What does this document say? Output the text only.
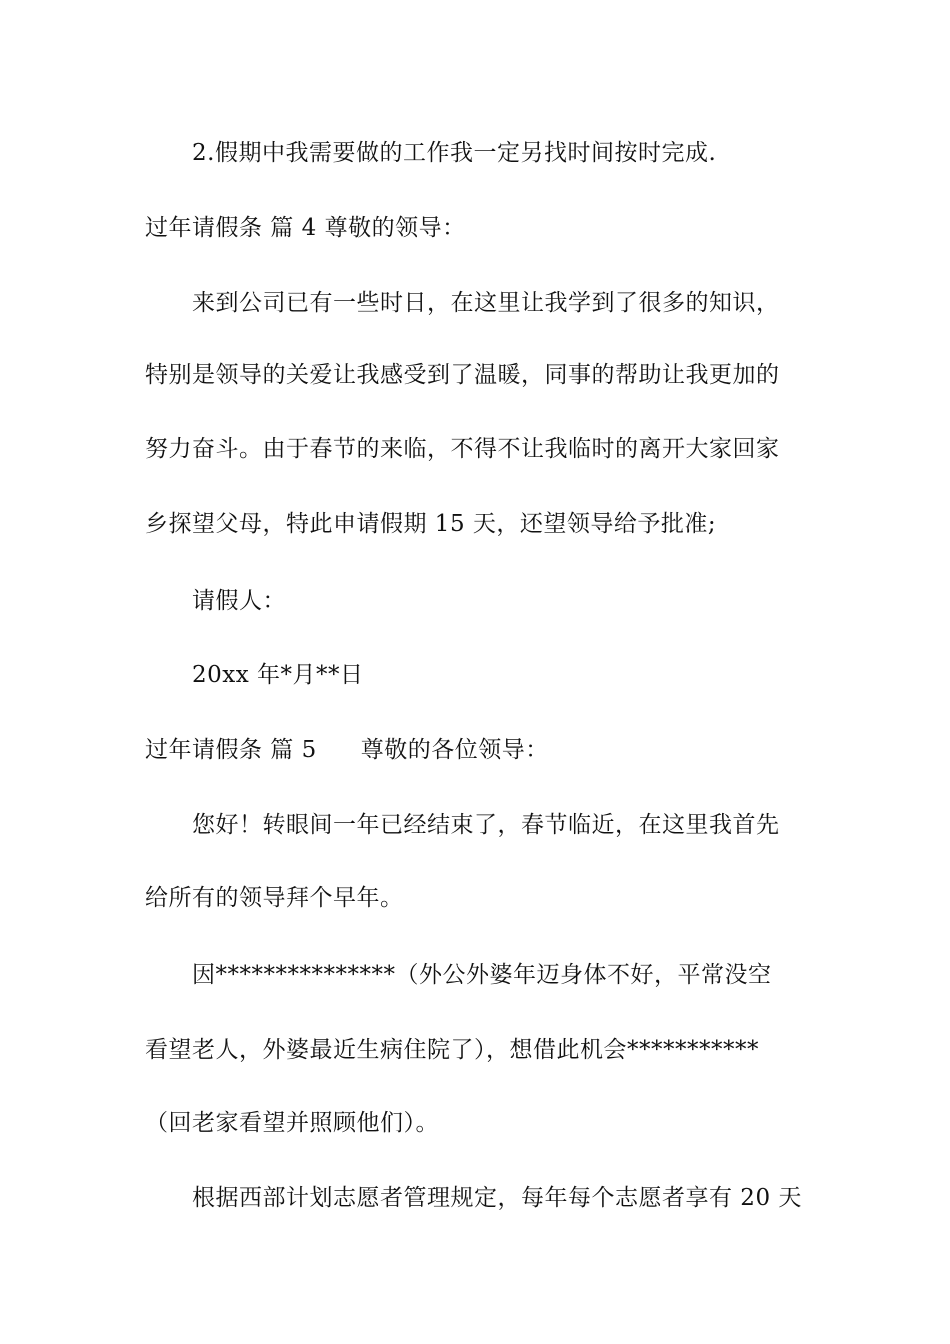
2.假期中我需要做的工作我一定另找时间按时完成.
过年请假条 篇 4 尊敬的领导：
来到公司已有一些时日，在这里让我学到了很多的知识，
特别是领导的关爱让我感受到了温暖，同事的帮助让我更加的
努力奋斗。由于春节的来临，不得不让我临时的离开大家回家
乡探望父母，特此申请假期 15 天，还望领导给予批准;
请假人：
20xx 年*月**日
过年请假条 篇 5 尊敬的各位领导：
您好！转眼间一年已经结束了，春节临近，在这里我首先
给所有的领导拜个早年。
因***************（外公外婆年迈身体不好，平常没空
看望老人，外婆最近生病住院了），想借此机会***********
（回老家看望并照顾他们）。
根据西部计划志愿者管理规定，每年每个志愿者享有 20 天
